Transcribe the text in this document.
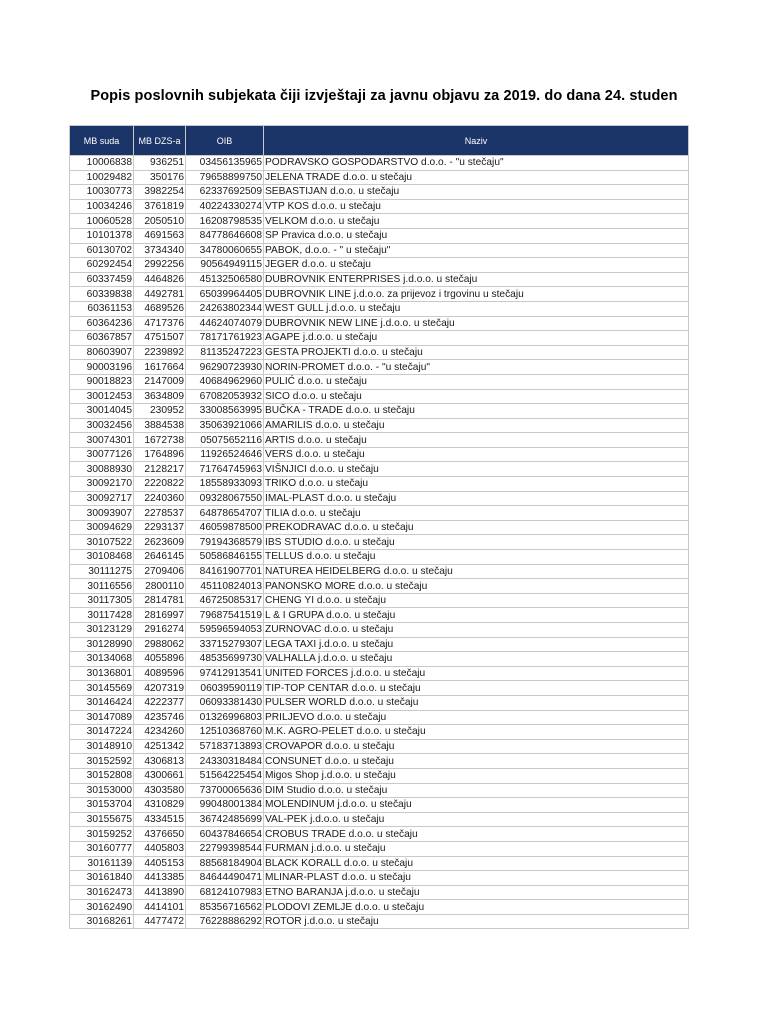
Popis poslovnih subjekata čiji izvještaji za javnu objavu za 2019. do dana 24. studen
MB suda	MB DZS-a	OIB	Naziv
10006838	936251	03456135965	PODRAVSKO GOSPODARSTVO d.o.o. - "u stečaju"
10029482	350176	79658899750	JELENA TRADE d.o.o. u stečaju
10030773	3982254	62337692509	SEBASTIJAN d.o.o. u stečaju
10034246	3761819	40224330274	VTP KOS d.o.o. u stečaju
10060528	2050510	16208798535	VELKOM d.o.o. u stečaju
10101378	4691563	84778646608	SP Pravica d.o.o. u stečaju
60130702	3734340	34780060655	PABOK, d.o.o. - " u stečaju"
60292454	2992256	90564949115	JEGER d.o.o. u stečaju
60337459	4464826	45132506580	DUBROVNIK ENTERPRISES j.d.o.o. u stečaju
60339838	4492781	65039964405	DUBROVNIK LINE j.d.o.o. za prijevoz i trgovinu u stečaju
60361153	4689526	24263802344	WEST GULL j.d.o.o. u stečaju
60364236	4717376	44624074079	DUBROVNIK NEW LINE j.d.o.o. u stečaju
60367857	4751507	78171761923	AGAPE j.d.o.o. u stečaju
80603907	2239892	81135247223	GESTA PROJEKTI d.o.o. u stečaju
90003196	1617664	96290723930	NORIN-PROMET d.o.o. - "u stečaju"
90018823	2147009	40684962960	PULIĆ d.o.o. u stečaju
30012453	3634809	67082053932	SICO d.o.o. u stečaju
30014045	230952	33008563995	BUČKA - TRADE d.o.o. u stečaju
30032456	3884538	35063921066	AMARILIS d.o.o. u stečaju
30074301	1672738	05075652116	ARTIS d.o.o. u stečaju
30077126	1764896	11926524646	VERS d.o.o. u stečaju
30088930	2128217	71764745963	VIŠNJICI d.o.o. u stečaju
30092170	2220822	18558933093	TRIKO d.o.o. u stečaju
30092717	2240360	09328067550	IMAL-PLAST d.o.o. u stečaju
30093907	2278537	64878654707	TILIA d.o.o. u stečaju
30094629	2293137	46059878500	PREKODRAVAC d.o.o. u stečaju
30107522	2623609	79194368579	IBS STUDIO d.o.o. u stečaju
30108468	2646145	50586846155	TELLUS d.o.o. u stečaju
30111275	2709406	84161907701	NATUREA HEIDELBERG d.o.o. u stečaju
30116556	2800110	45110824013	PANONSKO MORE d.o.o. u stečaju
30117305	2814781	46725085317	CHENG YI d.o.o. u stečaju
30117428	2816997	79687541519	L & I GRUPA d.o.o. u stečaju
30123129	2916274	59596594053	ZURNOVAC d.o.o. u stečaju
30128990	2988062	33715279307	LEGA TAXI j.d.o.o. u stečaju
30134068	4055896	48535699730	VALHALLA j.d.o.o. u stečaju
30136801	4089596	97412913541	UNITED FORCES j.d.o.o. u stečaju
30145569	4207319	06039590119	TIP-TOP CENTAR d.o.o. u stečaju
30146424	4222377	06093381430	PULSER WORLD d.o.o. u stečaju
30147089	4235746	01326996803	PRILJEVO d.o.o. u stečaju
30147224	4234260	12510368760	M.K. AGRO-PELET d.o.o. u stečaju
30148910	4251342	57183713893	CROVAPOR d.o.o. u stečaju
30152592	4306813	24330318484	CONSUNET d.o.o. u stečaju
30152808	4300661	51564225454	Migos Shop j.d.o.o. u stečaju
30153000	4303580	73700065636	DIM Studio d.o.o. u stečaju
30153704	4310829	99048001384	MOLENDINUM j.d.o.o. u stečaju
30155675	4334515	36742485699	VAL-PEK j.d.o.o. u stečaju
30159252	4376650	60437846654	CROBUS TRADE d.o.o. u stečaju
30160777	4405803	22799398544	FURMAN j.d.o.o. u stečaju
30161139	4405153	88568184904	BLACK KORALL d.o.o. u stečaju
30161840	4413385	84644490471	MLINAR-PLAST d.o.o. u stečaju
30162473	4413890	68124107983	ETNO BARANJA j.d.o.o. u stečaju
30162490	4414101	85356716562	PLODOVI ZEMLJE d.o.o. u stečaju
30168261	4477472	76228886292	ROTOR j.d.o.o. u stečaju
